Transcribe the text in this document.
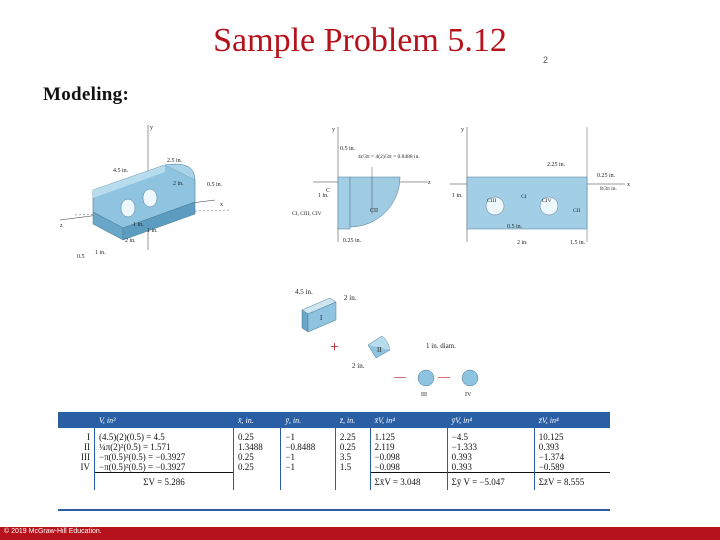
Sample Problem 5.12
2
Modeling:
2.5 in.
4.5 in.
2 in.	0.5 in.
1 in.
2 in.
1 in.
0.5
1 in.
y
x
z
0.5 in.
4r/3π = 4(2)/3π = 0.8488 in.
1 in.
C
CI, CIII, CIV	CII
0.25 in.
y
z
2.25 in.
0.25 in.
8/3π in.
1 in.
CIII	CIV
CI
CII
0.5 in.
2 in.	1.5 in.
y
x
4.5 in.
2 in.
I
+	II
2 in.
1 in. diam.
—	—
III	IV
	V, in³	x̄, in.	ȳ, in.	z̄, in.	x̄V, in⁴	ȳV, in⁴	z̄V, in⁴
I	(4.5)(2)(0.5) = 4.5	0.25	−1	2.25	1.125	−4.5	10.125
II	¼π(2)²(0.5) = 1.571	1.3488	−0.8488	0.25	2.119	−1.333	0.393
III	−π(0.5)²(0.5) = −0.3927	0.25	−1	3.5	−0.098	0.393	−1.374
IV	−π(0.5)²(0.5) = −0.3927	0.25	−1	1.5	−0.098	0.393	−0.589
	ΣV = 5.286				Σx̄V = 3.048	Σȳ V = −5.047	Σz̄V = 8.555
© 2019 McGraw-Hill Education.
